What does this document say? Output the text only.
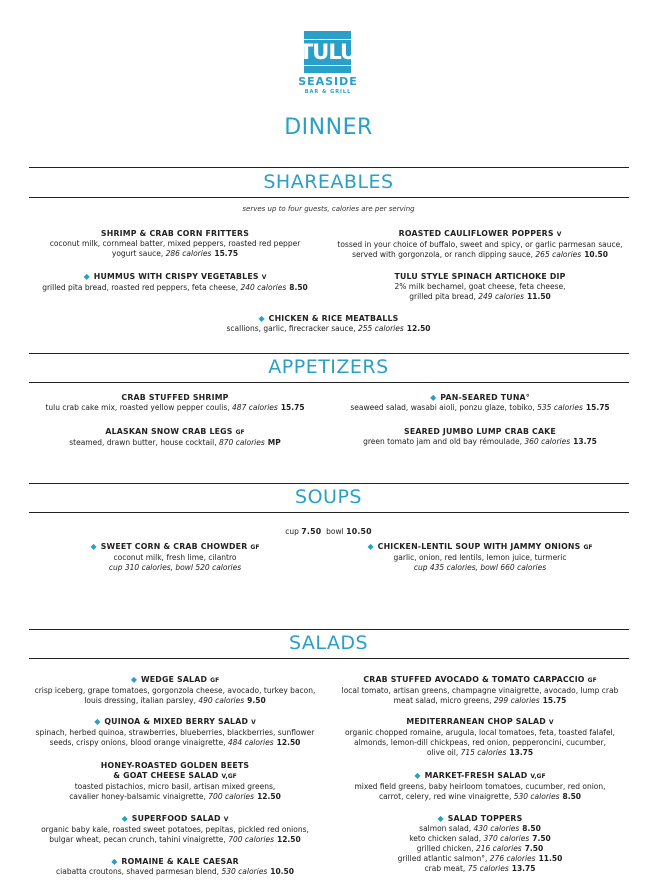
TULU
SEASIDE
BAR & GRILL
DINNER
SHAREABLES
serves up to four guests, calories are per serving
SHRIMP & CRAB CORN FRITTERS
coconut milk, cornmeal batter, mixed peppers, roasted red pepper
yogurt sauce, 286 calories 15.75
ROASTED CAULIFLOWER POPPERS V
tossed in your choice of buffalo, sweet and spicy, or garlic parmesan sauce,
served with gorgonzola, or ranch dipping sauce, 265 calories 10.50
◆ HUMMUS WITH CRISPY VEGETABLES V
grilled pita bread, roasted red peppers, feta cheese, 240 calories 8.50
TULU STYLE SPINACH ARTICHOKE DIP
2% milk bechamel, goat cheese, feta cheese,
grilled pita bread, 249 calories 11.50
◆ CHICKEN & RICE MEATBALLS
scallions, garlic, firecracker sauce, 255 calories 12.50
APPETIZERS
CRAB STUFFED SHRIMP
tulu crab cake mix, roasted yellow pepper coulis, 487 calories 15.75
◆ PAN-SEARED TUNA°
seaweed salad, wasabi aioli, ponzu glaze, tobiko, 535 calories 15.75
ALASKAN SNOW CRAB LEGS GF
steamed, drawn butter, house cocktail, 870 calories MP
SEARED JUMBO LUMP CRAB CAKE
green tomato jam and old bay rémoulade, 360 calories 13.75
SOUPS
cup 7.50 bowl 10.50
◆ SWEET CORN & CRAB CHOWDER GF
coconut milk, fresh lime, cilantro
cup 310 calories, bowl 520 calories
◆ CHICKEN-LENTIL SOUP WITH JAMMY ONIONS GF
garlic, onion, red lentils, lemon juice, turmeric
cup 435 calories, bowl 660 calories
SALADS
◆ WEDGE SALAD GF
crisp iceberg, grape tomatoes, gorgonzola cheese, avocado, turkey bacon,
louis dressing, italian parsley, 490 calories 9.50
◆ QUINOA & MIXED BERRY SALAD V
spinach, herbed quinoa, strawberries, blueberries, blackberries, sunflower
seeds, crispy onions, blood orange vinaigrette, 484 calories 12.50
HONEY-ROASTED GOLDEN BEETS
& GOAT CHEESE SALAD V,GF
toasted pistachios, micro basil, artisan mixed greens,
cavalier honey-balsamic vinaigrette, 700 calories 12.50
◆ SUPERFOOD SALAD V
organic baby kale, roasted sweet potatoes, pepitas, pickled red onions,
bulgar wheat, pecan crunch, tahini vinaigrette, 700 calories 12.50
◆ ROMAINE & KALE CAESAR
ciabatta croutons, shaved parmesan blend, 530 calories 10.50
CRAB STUFFED AVOCADO & TOMATO CARPACCIO GF
local tomato, artisan greens, champagne vinaigrette, avocado, lump crab
meat salad, micro greens, 299 calories 15.75
MEDITERRANEAN CHOP SALAD V
organic chopped romaine, arugula, local tomatoes, feta, toasted falafel,
almonds, lemon-dill chickpeas, red onion, pepperoncini, cucumber,
olive oil, 715 calories 13.75
◆ MARKET-FRESH SALAD V,GF
mixed field greens, baby heirloom tomatoes, cucumber, red onion,
carrot, celery, red wine vinaigrette, 530 calories 8.50
◆ SALAD TOPPERS
salmon salad, 430 calories 8.50
keto chicken salad, 370 calories 7.50
grilled chicken, 216 calories 7.50
grilled atlantic salmon°, 276 calories 11.50
crab meat, 75 calories 13.75
